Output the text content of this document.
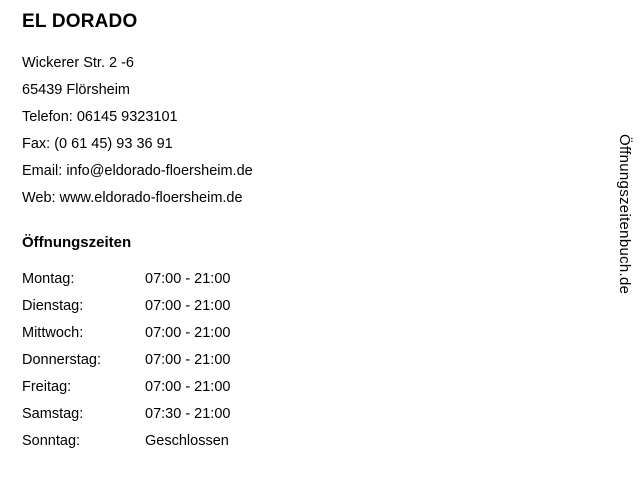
EL DORADO

Wickerer Str. 2 -6

65439 Flörsheim

Telefon: 06145 9323101

Fax: (0 61 45) 93 36 91

Email: info@eldorado-floersheim.de

Web: www.eldorado-floersheim.de

Öffnungszeiten
Montag:	07:00 - 21:00
Dienstag:	07:00 - 21:00
Mittwoch:	07:00 - 21:00
Donnerstag:	07:00 - 21:00
Freitag:	07:00 - 21:00
Samstag:	07:30 - 21:00
Sonntag:	Geschlossen
Öffnungszeitenbuch.de
